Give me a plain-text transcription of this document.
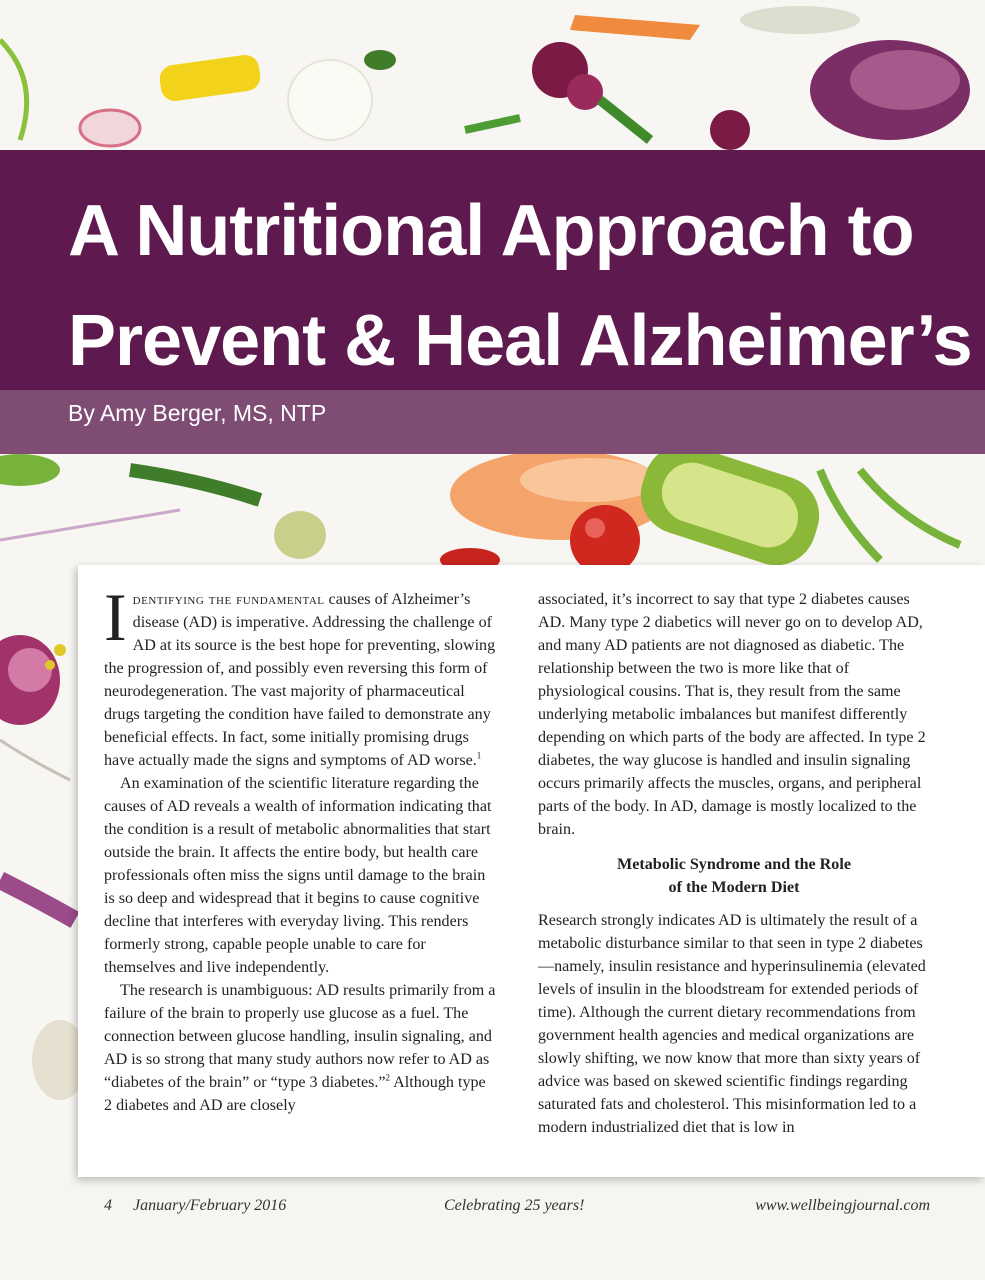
A Nutritional Approach to
Prevent & Heal Alzheimer’s
By Amy Berger, MS, NTP

Identifying the fundamental causes of Alzheimer’s disease (AD) is imperative. Addressing the challenge of AD at its source is the best hope for preventing, slowing the progression of, and possibly even reversing this form of neurodegeneration. The vast majority of pharmaceutical drugs targeting the condition have failed to demonstrate any beneficial effects. In fact, some initially promising drugs have actually made the signs and symptoms of AD worse.$^1$

An examination of the scientific literature regarding the causes of AD reveals a wealth of information indicating that the condition is a result of metabolic abnormalities that start outside the brain. It affects the entire body, but health care professionals often miss the signs until damage to the brain is so deep and widespread that it begins to cause cognitive decline that interferes with everyday living. This renders formerly strong, capable people unable to care for themselves and live independently.

The research is unambiguous: AD results primarily from a failure of the brain to properly use glucose as a fuel. The connection between glucose handling, insulin signaling, and AD is so strong that many study authors now refer to AD as “diabetes of the brain” or “type 3 diabetes.”$^2$ Although type 2 diabetes and AD are closely

associated, it’s incorrect to say that type 2 diabetes causes AD. Many type 2 diabetics will never go on to develop AD, and many AD patients are not diagnosed as diabetic. The relationship between the two is more like that of physiological cousins. That is, they result from the same underlying metabolic imbalances but manifest differently depending on which parts of the body are affected. In type 2 diabetes, the way glucose is handled and insulin signaling occurs primarily affects the muscles, organs, and peripheral parts of the body. In AD, damage is mostly localized to the brain.

Metabolic Syndrome and the Role
of the Modern Diet

Research strongly indicates AD is ultimately the result of a metabolic disturbance similar to that seen in type 2 diabetes—namely, insulin resistance and hyperinsulinemia (elevated levels of insulin in the bloodstream for extended periods of time). Although the current dietary recommendations from government health agencies and medical organizations are slowly shifting, we now know that more than sixty years of advice was based on skewed scientific findings regarding saturated fats and cholesterol. This misinformation led to a modern industrialized diet that is low in

4 January/February 2016	Celebrating 25 years!	www.wellbeingjournal.com
